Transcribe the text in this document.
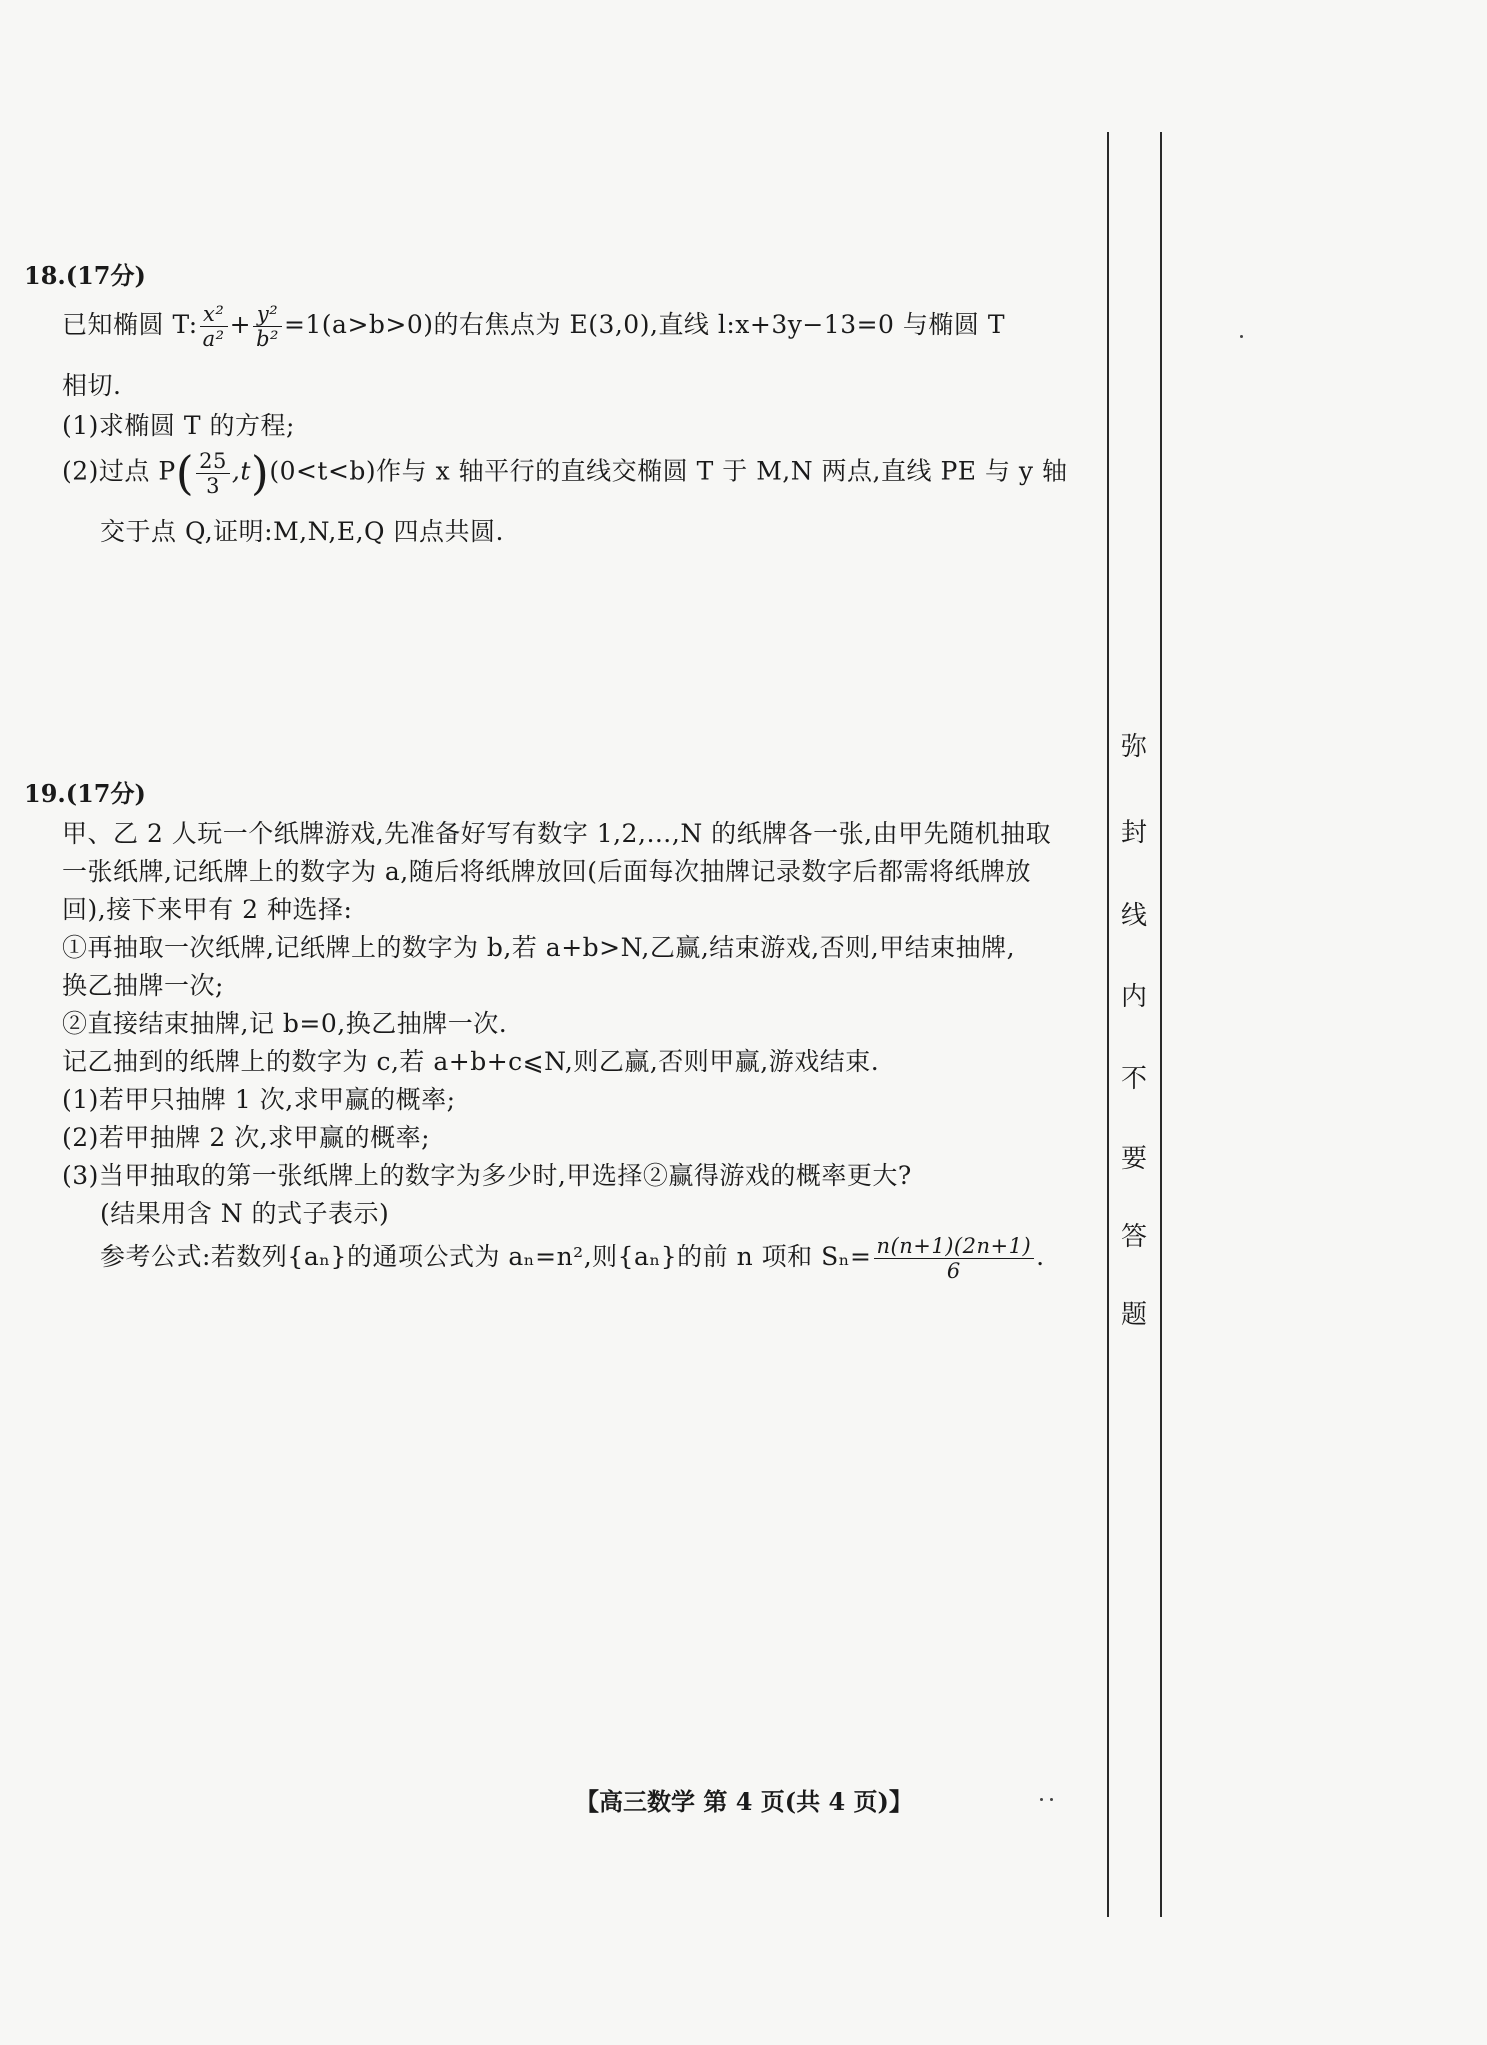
18.(17分)
已知椭圆 T: $\frac{\text{x²}}{\text{a²}} + \frac{\text{y²}}{\text{b²}} =1(a>b>0)$的右焦点为 E(3,0),直线 l:x+3y−13=0 与椭圆 T
相切.
(1)求椭圆 T 的方程;
(2)过点 $P( \frac{25}{3} ,t)(0<t<b)$作与 x 轴平行的直线交椭圆 T 于 M,N 两点,直线 PE 与 y 轴
交于点 Q,证明:M,N,E,Q 四点共圆.
19.(17分)
甲、乙 2 人玩一个纸牌游戏,先准备好写有数字 1,2,…,N 的纸牌各一张,由甲先随机抽取
一张纸牌,记纸牌上的数字为 a,随后将纸牌放回(后面每次抽牌记录数字后都需将纸牌放
回),接下来甲有 2 种选择:
①再抽取一次纸牌,记纸牌上的数字为 b,若 a+b>N,乙赢,结束游戏,否则,甲结束抽牌,
换乙抽牌一次;
②直接结束抽牌,记 b=0,换乙抽牌一次.
记乙抽到的纸牌上的数字为 c,若 a+b+c⩽N,则乙赢,否则甲赢,游戏结束.
(1)若甲只抽牌 1 次,求甲赢的概率;
(2)若甲抽牌 2 次,求甲赢的概率;
(3)当甲抽取的第一张纸牌上的数字为多少时,甲选择②赢得游戏的概率更大?
(结果用含 N 的式子表示)
参考公式:若数列{aₙ}的通项公式为 aₙ=n²,则{aₙ}的前 n 项和 $S_n= \frac{n(n+1)(2n+1)}{6}$ .
【高三数学 第 4 页(共 4 页)】
弥
封
线
内
不
要
答
题
